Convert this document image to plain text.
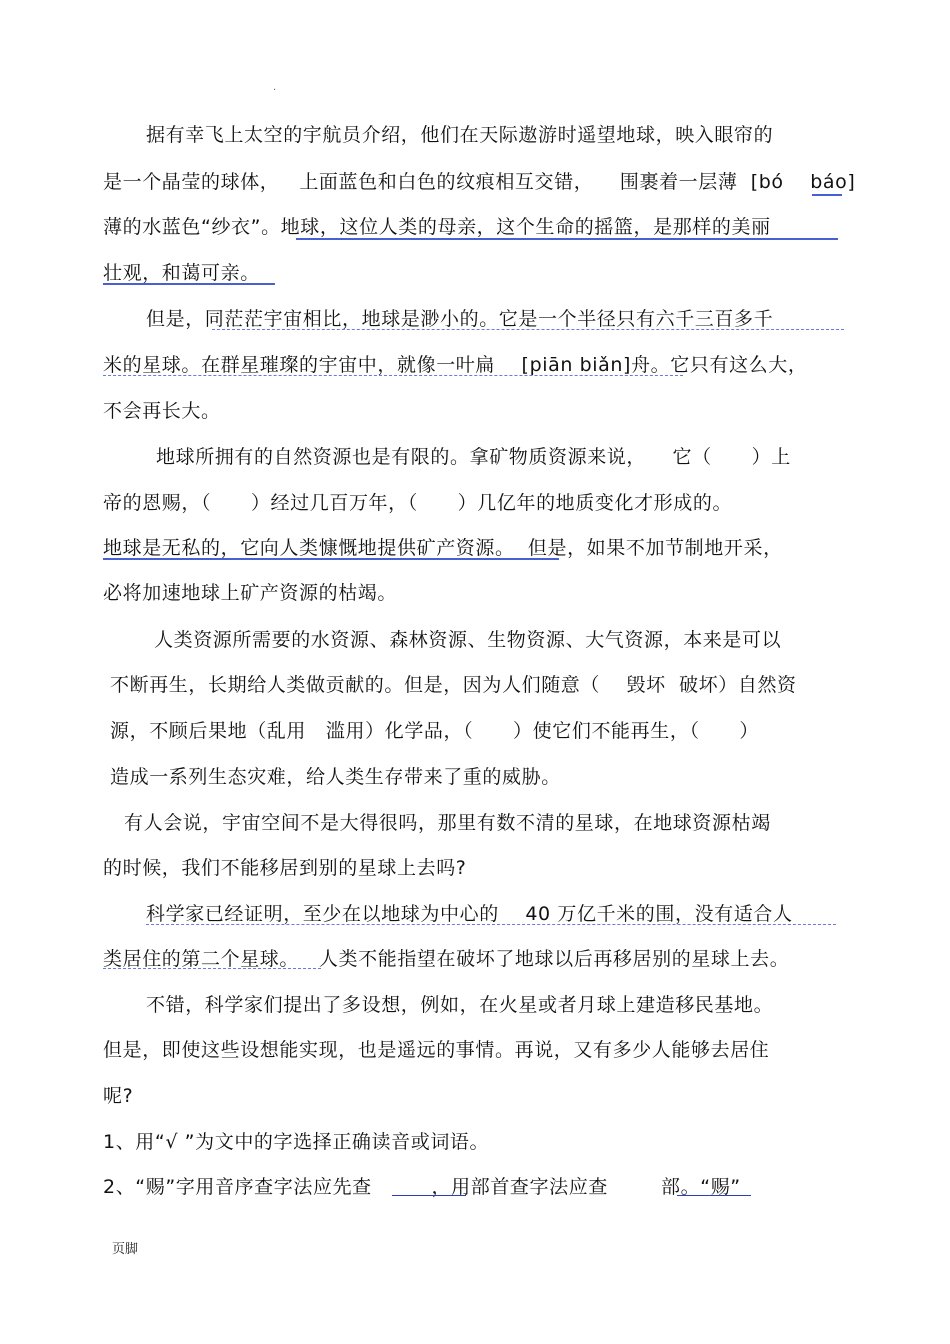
.
据有幸飞上太空的宇航员介绍，他们在天际遨游时遥望地球，映入眼帘的
是一个晶莹的球体，   上面蓝色和白色的纹痕相互交错，    围裹着一层薄  [bó    báo]
薄的水蓝色“纱衣”。地球，这位人类的母亲，这个生命的摇篮，是那样的美丽
壮观，和蔼可亲。
但是，同茫茫宇宙相比，地球是渺小的。它是一个半径只有六千三百多千
米的星球。在群星璀璨的宇宙中，就像一叶扁    [piān biǎn]舟。它只有这么大，
不会再长大。
地球所拥有的自然资源也是有限的。拿矿物质资源来说，    它（      ）上
帝的恩赐，（      ）经过几百万年，（      ）几亿年的地质变化才形成的。
地球是无私的，它向人类慷慨地提供矿产资源。  但是，如果不加节制地开采，
必将加速地球上矿产资源的枯竭。
人类资源所需要的水资源、森林资源、生物资源、大气资源，本来是可以
不断再生，长期给人类做贡献的。但是，因为人们随意（    毁坏  破坏）自然资
源，不顾后果地（乱用   滥用）化学品，（      ）使它们不能再生，（      ）
造成一系列生态灾难，给人类生存带来了重的威胁。
有人会说，宇宙空间不是大得很吗，那里有数不清的星球，在地球资源枯竭
的时候，我们不能移居到别的星球上去吗?
科学家已经证明，至少在以地球为中心的    40 万亿千米的围，没有适合人
类居住的第二个星球。   人类不能指望在破坏了地球以后再移居别的星球上去。
不错，科学家们提出了多设想，例如，在火星或者月球上建造移民基地。
但是，即使这些设想能实现，也是遥远的事情。再说，又有多少人能够去居住
呢?
1、用“√ ”为文中的字选择正确读音或词语。
2、“赐”字用音序查字法应先查         ，用部首查字法应查        部。“赐”
页脚
